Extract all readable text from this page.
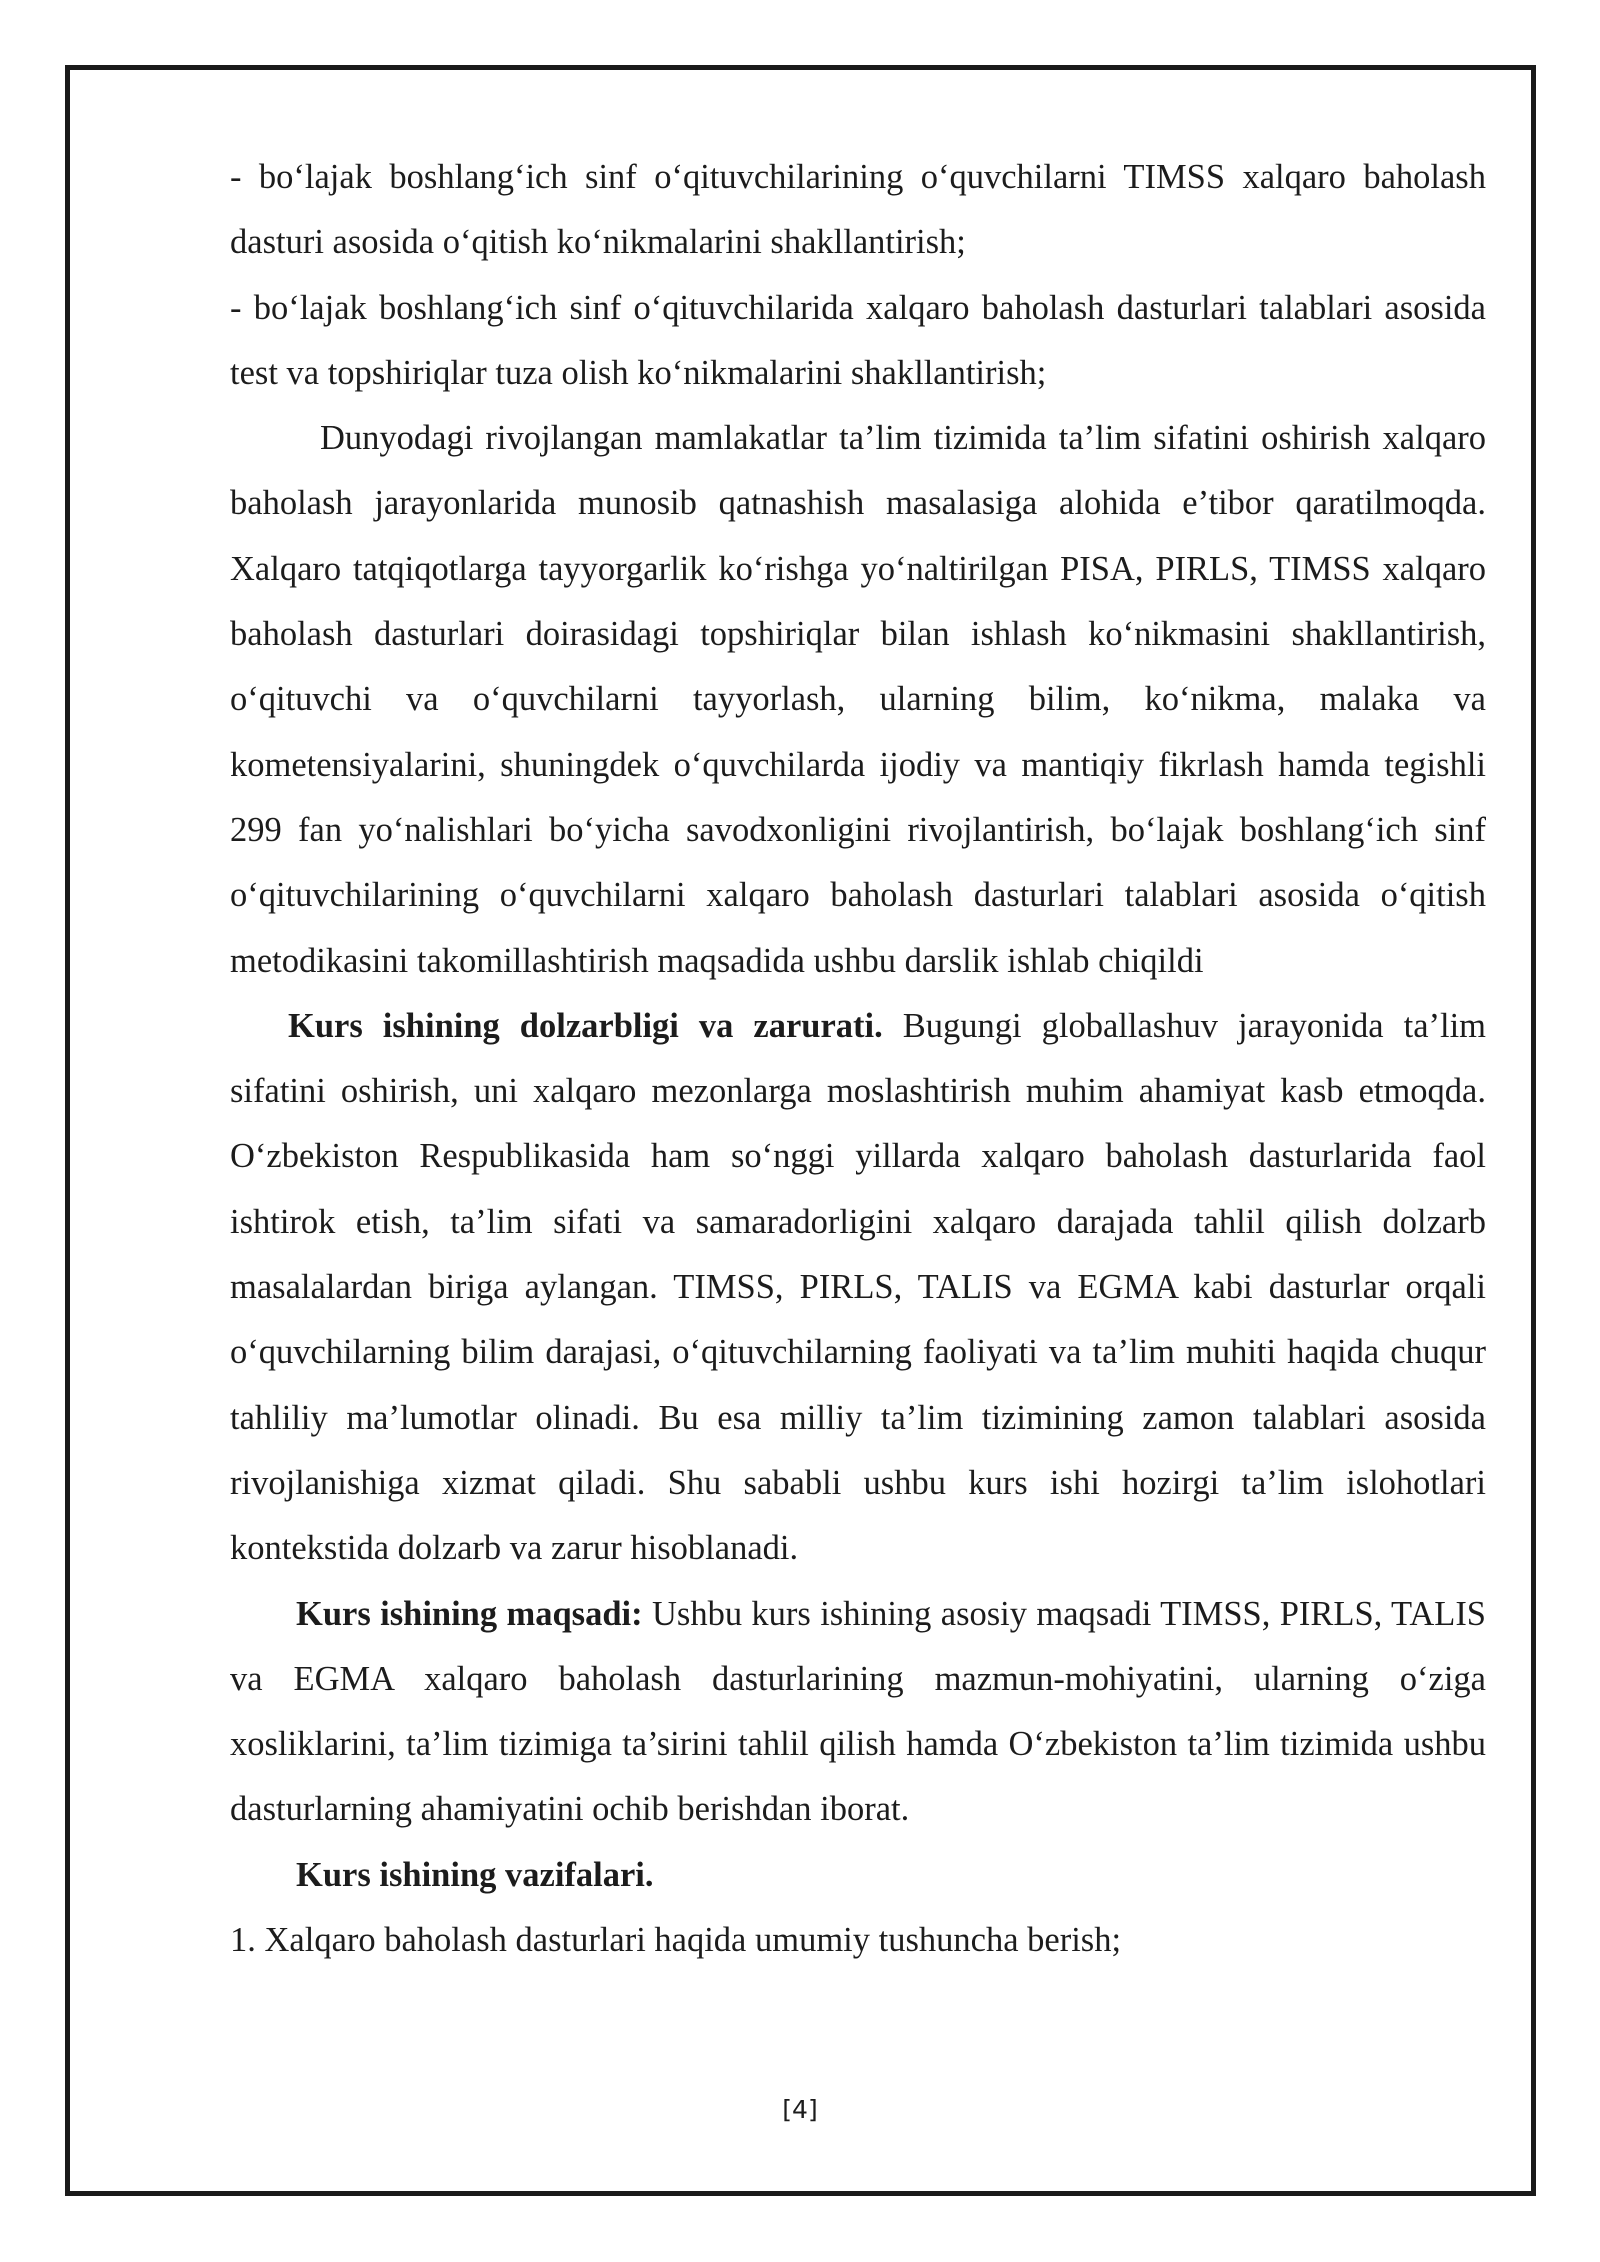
- bo‘lajak boshlang‘ich sinf o‘qituvchilarining o‘quvchilarni TIMSS xalqaro baholash dasturi asosida o‘qitish ko‘nikmalarini shakllantirish;

- bo‘lajak boshlang‘ich sinf o‘qituvchilarida xalqaro baholash dasturlari talablari asosida test va topshiriqlar tuza olish ko‘nikmalarini shakllantirish;

Dunyodagi rivojlangan mamlakatlar ta’lim tizimida ta’lim sifatini oshirish xalqaro baholash jarayonlarida munosib qatnashish masalasiga alohida e’tibor qaratilmoqda. Xalqaro tatqiqotlarga tayyorgarlik ko‘rishga yo‘naltirilgan PISA, PIRLS, TIMSS xalqaro baholash dasturlari doirasidagi topshiriqlar bilan ishlash ko‘nikmasini shakllantirish, o‘qituvchi va o‘quvchilarni tayyorlash, ularning bilim, ko‘nikma, malaka va kometensiyalarini, shuningdek o‘quvchilarda ijodiy va mantiqiy fikrlash hamda tegishli 299 fan yo‘nalishlari bo‘yicha savodxonligini rivojlantirish, bo‘lajak boshlang‘ich sinf o‘qituvchilarining o‘quvchilarni xalqaro baholash dasturlari talablari asosida o‘qitish metodikasini takomillashtirish maqsadida ushbu darslik ishlab chiqildi

Kurs ishining dolzarbligi va zarurati. Bugungi globallashuv jarayonida ta’lim sifatini oshirish, uni xalqaro mezonlarga moslashtirish muhim ahamiyat kasb etmoqda. O‘zbekiston Respublikasida ham so‘nggi yillarda xalqaro baholash dasturlarida faol ishtirok etish, ta’lim sifati va samaradorligini xalqaro darajada tahlil qilish dolzarb masalalardan biriga aylangan. TIMSS, PIRLS, TALIS va EGMA kabi dasturlar orqali o‘quvchilarning bilim darajasi, o‘qituvchilarning faoliyati va ta’lim muhiti haqida chuqur tahliliy ma’lumotlar olinadi. Bu esa milliy ta’lim tizimining zamon talablari asosida rivojlanishiga xizmat qiladi. Shu sababli ushbu kurs ishi hozirgi ta’lim islohotlari kontekstida dolzarb va zarur hisoblanadi.

Kurs ishining maqsadi: Ushbu kurs ishining asosiy maqsadi TIMSS, PIRLS, TALIS va EGMA xalqaro baholash dasturlarining mazmun-mohiyatini, ularning o‘ziga xosliklarini, ta’lim tizimiga ta’sirini tahlil qilish hamda O‘zbekiston ta’lim tizimida ushbu dasturlarning ahamiyatini ochib berishdan iborat.

Kurs ishining vazifalari.

1. Xalqaro baholash dasturlari haqida umumiy tushuncha berish;

[4]
